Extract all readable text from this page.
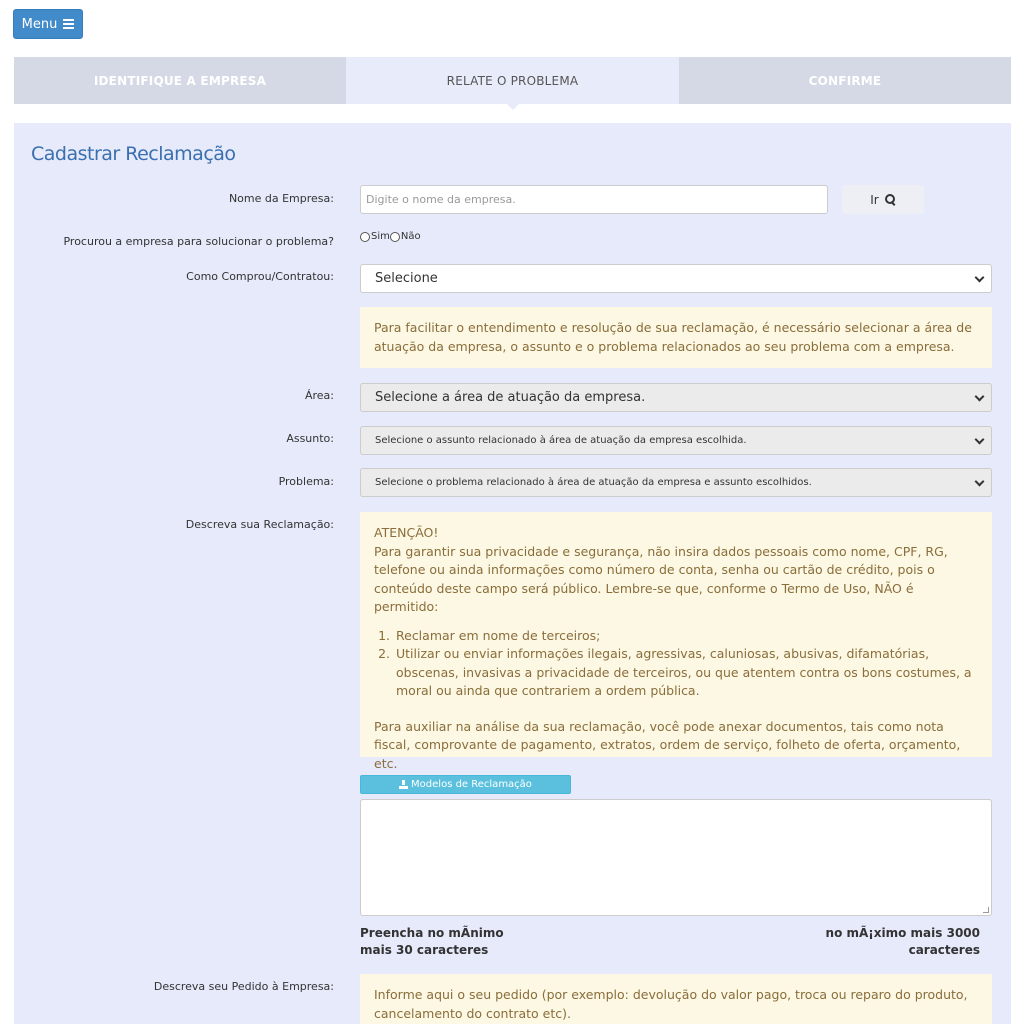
Menu
IDENTIFIQUE A EMPRESA	RELATE O PROBLEMA	CONFIRME
Cadastrar Reclamação
Nome da Empresa:	Digite o nome da empresa.	Ir
Procurou a empresa para solucionar o problema?	Sim Não
Como Comprou/Contratou:	Selecione
Para facilitar o entendimento e resolução de sua reclamação, é necessário selecionar a área de atuação da empresa, o assunto e o problema relacionados ao seu problema com a empresa.
Área:	Selecione a área de atuação da empresa.
Assunto:	Selecione o assunto relacionado à área de atuação da empresa escolhida.
Problema:	Selecione o problema relacionado à área de atuação da empresa e assunto escolhidos.
Descreva sua Reclamação:
ATENÇÃO!
Para garantir sua privacidade e segurança, não insira dados pessoais como nome, CPF, RG, telefone ou ainda informações como número de conta, senha ou cartão de crédito, pois o conteúdo deste campo será público. Lembre-se que, conforme o Termo de Uso, NÃO é permitido:
1. Reclamar em nome de terceiros;
2. Utilizar ou enviar informações ilegais, agressivas, caluniosas, abusivas, difamatórias, obscenas, invasivas a privacidade de terceiros, ou que atentem contra os bons costumes, a moral ou ainda que contrariem a ordem pública.
Para auxiliar na análise da sua reclamação, você pode anexar documentos, tais como nota fiscal, comprovante de pagamento, extratos, ordem de serviço, folheto de oferta, orçamento, etc.
Modelos de Reclamação
Preencha no mÃnimo
mais 30 caracteres
no mÃ¡ximo mais 3000
caracteres
Descreva seu Pedido à Empresa:
Informe aqui o seu pedido (por exemplo: devolução do valor pago, troca ou reparo do produto, cancelamento do contrato etc).
